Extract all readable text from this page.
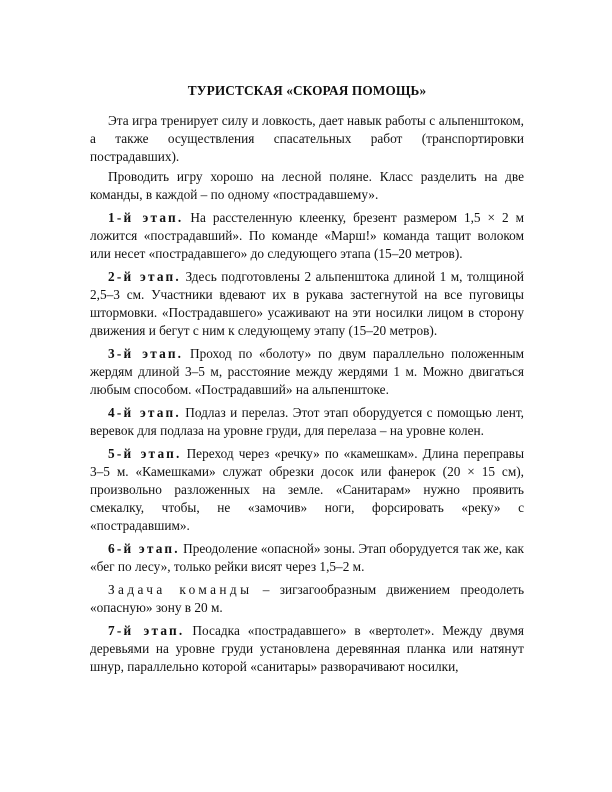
ТУРИСТСКАЯ «СКОРАЯ ПОМОЩЬ»

Эта игра тренирует силу и ловкость, дает навык работы с альпенштоком, а также осуществления спасательных работ (транспортировки пострадавших).

Проводить игру хорошо на лесной поляне. Класс разделить на две команды, в каждой – по одному «пострадавшему».

1-й этап. На расстеленную клеенку, брезент размером 1,5 × 2 м ложится «пострадавший». По команде «Марш!» команда тащит волоком или несет «пострадавшего» до следующего этапа (15–20 метров).

2-й этап. Здесь подготовлены 2 альпенштока длиной 1 м, толщиной 2,5–3 см. Участники вдевают их в рукава застегнутой на все пуговицы штормовки. «Пострадавшего» усаживают на эти носилки лицом в сторону движения и бегут с ним к следующему этапу (15–20 метров).

3-й этап. Проход по «болоту» по двум параллельно положенным жердям длиной 3–5 м, расстояние между жердями 1 м. Можно двигаться любым способом. «Пострадавший» на альпенштоке.

4-й этап. Подлаз и перелаз. Этот этап оборудуется с помощью лент, веревок для подлаза на уровне груди, для перелаза – на уровне колен.

5-й этап. Переход через «речку» по «камешкам». Длина переправы 3–5 м. «Камешками» служат обрезки досок или фанерок (20 × 15 см), произвольно разложенных на земле. «Санитарам» нужно проявить смекалку, чтобы, не «замочив» ноги, форсировать «реку» с «пострадавшим».

6-й этап. Преодоление «опасной» зоны. Этап оборудуется так же, как «бег по лесу», только рейки висят через 1,5–2 м.

Задача команды – зигзагообразным движением преодолеть «опасную» зону в 20 м.

7-й этап. Посадка «пострадавшего» в «вертолет». Между двумя деревьями на уровне груди установлена деревянная планка или натянут шнур, параллельно которой «санитары» разворачивают носилки,
